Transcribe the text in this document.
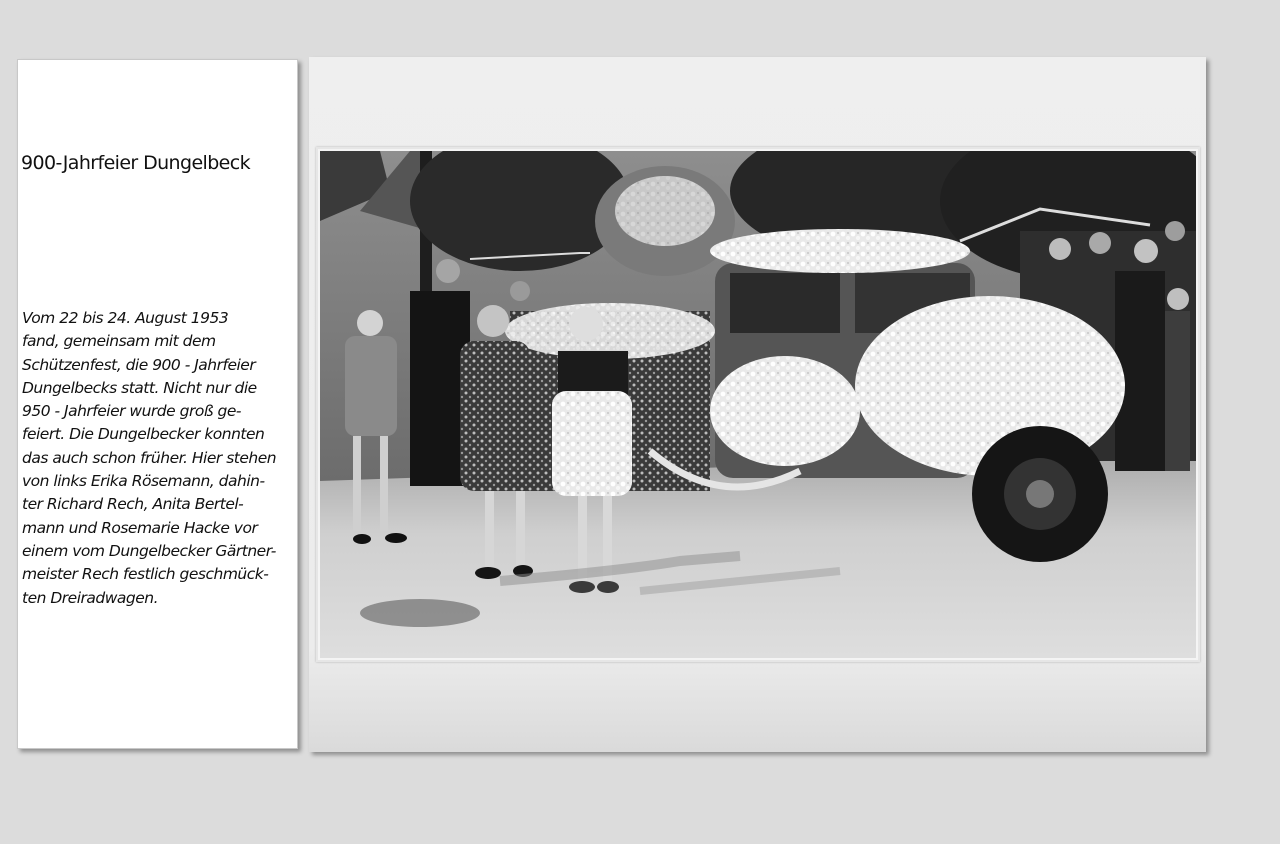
900-Jahrfeier Dungelbeck

Vom 22 bis 24. August 1953
fand, gemeinsam mit dem
Schützenfest, die 900 - Jahrfeier
Dungelbecks statt. Nicht nur die
950 - Jahrfeier wurde groß ge-
feiert. Die Dungelbecker konnten
das auch schon früher. Hier stehen
von links Erika Rösemann, dahin-
ter Richard Rech, Anita Bertel-
mann und Rosemarie Hacke vor
einem vom Dungelbecker Gärtner-
meister Rech festlich geschmück-
ten Dreiradwagen.
